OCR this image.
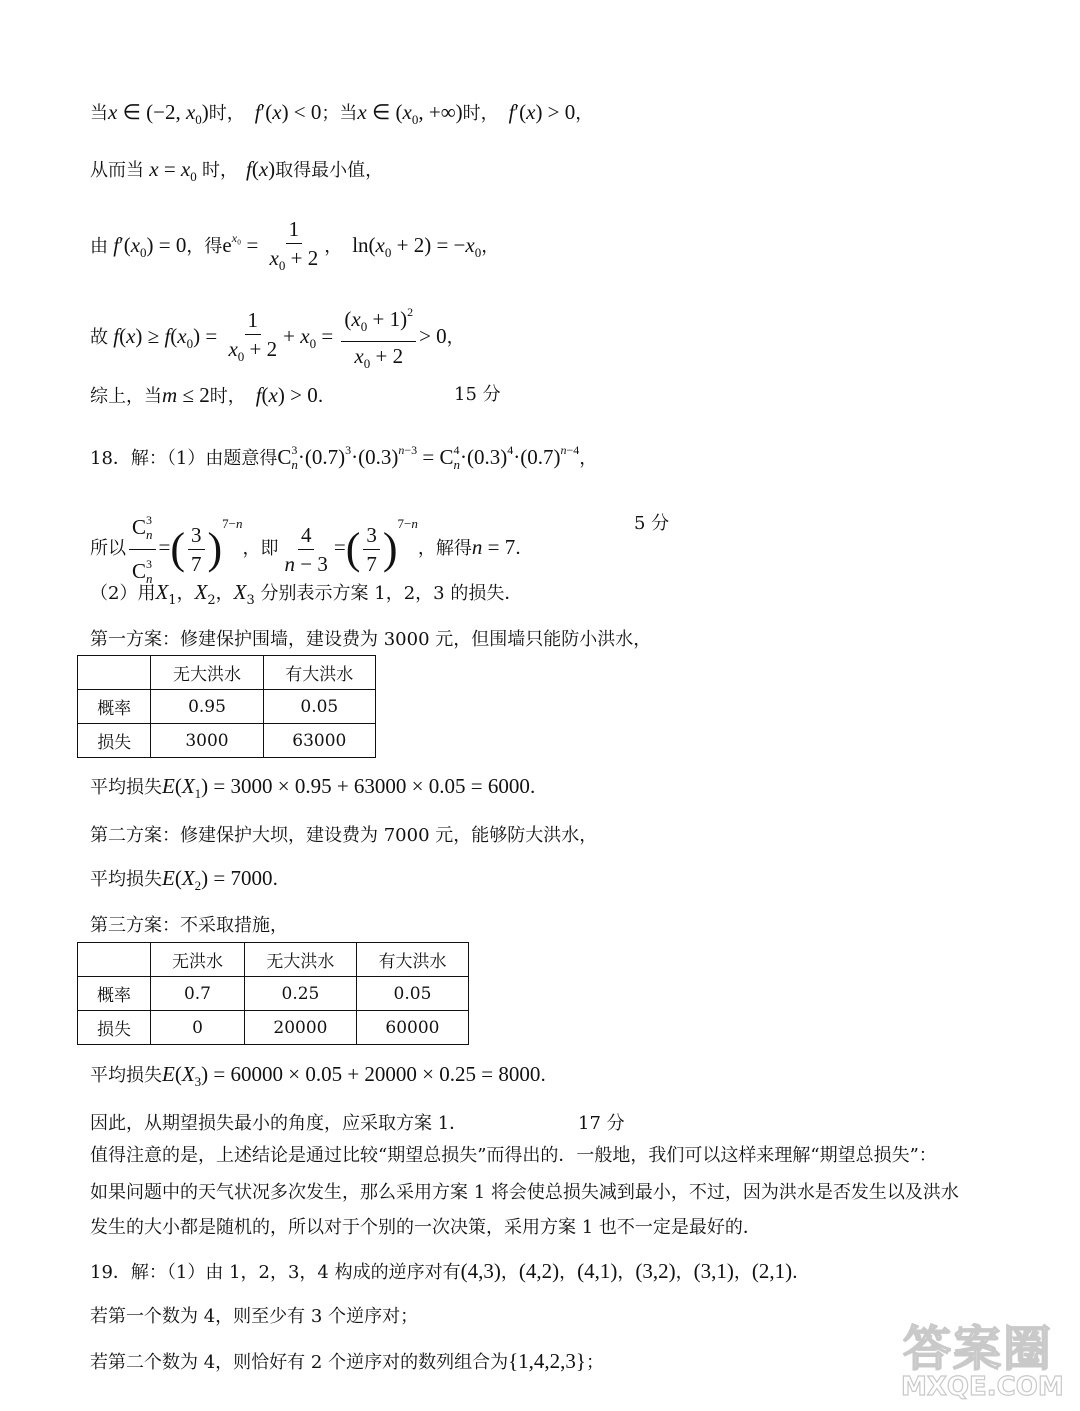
当x ∈ (−2, $x_0$)时， f′(x) < 0；当x ∈ ($x_0$, +∞)时， f′(x) > 0，
从而当 $x = x_0$ 时， f(x)取得最小值，
由 $f'(x_0) = 0$，得$e^{x_0} = \frac{1}{x_0 + 2}$ ， $\ln(x_0 + 2) = -x_0$，
故 $f(x) \ge f(x_0) = \frac{1}{x_0 + 2} + x_0 = \frac{(x_0 + 1)^2}{x_0 + 2} > 0$，
综上，当m ≤ 2时， f(x) > 0．	15 分
18．解：（1）由题意得$C^3_n\cdot(0.7)^3\cdot(0.3)^{n-3} = C^4_n\cdot(0.3)^4\cdot(0.7)^{n-4}$，
所以 $\frac{C^3_n}{C^3_n}$ =( $\frac{3}{7} )^{7-n}$，即 $\frac{4}{n - 3}$ =( $\frac{3}{7} )^{7-n}$，解得n = 7．
5 分
（2）用$X_1$，$X_2$，$X_3$ 分别表示方案 1，2，3 的损失．
第一方案：修建保护围墙，建设费为 3000 元，但围墙只能防小洪水，
	无大洪水	有大洪水
概率	0.95	0.05
损失	3000	63000
平均损失$E(X_1) = 3000 \times 0.95 + 63000 \times 0.05 = 6000$．
第二方案：修建保护大坝，建设费为 7000 元，能够防大洪水，
平均损失$E(X_2) = 7000$．
第三方案：不采取措施，
	无洪水	无大洪水	有大洪水
概率	0.7	0.25	0.05
损失	0	20000	60000
平均损失$E(X_3) = 60000 \times 0.05 + 20000 \times 0.25 = 8000$．
因此，从期望损失最小的角度，应采取方案 1．	17 分
值得注意的是，上述结论是通过比较“期望总损失”而得出的．一般地，我们可以这样来理解“期望总损失”：
如果问题中的天气状况多次发生，那么采用方案 1 将会使总损失减到最小，不过，因为洪水是否发生以及洪水
发生的大小都是随机的，所以对于个别的一次决策，采用方案 1 也不一定是最好的．
19．解：（1）由 1，2，3，4 构成的逆序对有(4,3)，(4,2)，(4,1)，(3,2)，(3,1)，(2,1)．
若第一个数为 4，则至少有 3 个逆序对；
若第二个数为 4，则恰好有 2 个逆序对的数列组合为{1,4,2,3}；	答案圈
MXQE.COM
